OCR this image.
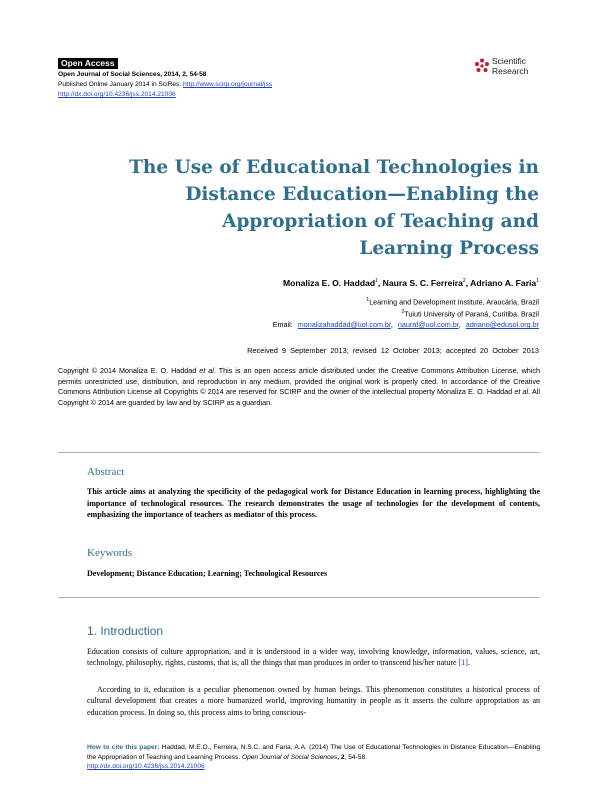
Open Access
Open Journal of Social Sciences, 2014, 2, 54-58
Published Online January 2014 in SciRes. http://www.scirp.org/journal/jss
http://dx.doi.org/10.4236/jss.2014.21006
Scientific
Research
The Use of Educational Technologies in
Distance Education—Enabling the
Appropriation of Teaching and
Learning Process
Monaliza E. O. Haddad$^1$, Naura S. C. Ferreira$^2$, Adriano A. Faria$^1$
$^1$Learning and Development Institute, Araucária, Brazil
$^2$Tuiuti University of Paraná, Curitiba, Brazil
Email: monalizahaddad@uol.com.br, nauraf@uol.com.br, adriano@edusol.org.br
Received 9 September 2013; revised 12 October 2013; accepted 20 October 2013
Copyright © 2014 Monaliza E. O. Haddad et al. This is an open access article distributed under the Creative Commons Attribution License, which permits unrestricted use, distribution, and reproduction in any medium, provided the original work is properly cited. In accordance of the Creative Commons Attribution License all Copyrights © 2014 are reserved for SCIRP and the owner of the intellectual property Monaliza E. O. Haddad et al. All Copyright © 2014 are guarded by law and by SCIRP as a guardian.
Abstract
This article aims at analyzing the specificity of the pedagogical work for Distance Education in learning process, highlighting the importance of technological resources. The research demonstrates the usage of technologies for the development of contents, emphasizing the importance of teachers as mediator of this process.
Keywords
Development; Distance Education; Learning; Technological Resources
1. Introduction
Education consists of culture appropriation, and it is understood in a wider way, involving knowledge, information, values, science, art, technology, philosophy, rights, customs, that is, all the things that man produces in order to transcend his/her nature [1].
According to it, education is a peculiar phenomenon owned by human beings. This phenomenon constitutes a historical process of cultural development that creates a more humanized world, improving humanity in people as it asserts the culture appropriation as an education process. In doing so, this process aims to bring conscious-
How to cite this paper: Haddad, M.E.O., Ferreira, N.S.C. and Faria, A.A. (2014) The Use of Educational Technologies in Distance Education—Enabling the Appropriation of Teaching and Learning Process. Open Journal of Social Sciences, 2, 54-58.
http://dx.doi.org/10.4236/jss.2014.21006
